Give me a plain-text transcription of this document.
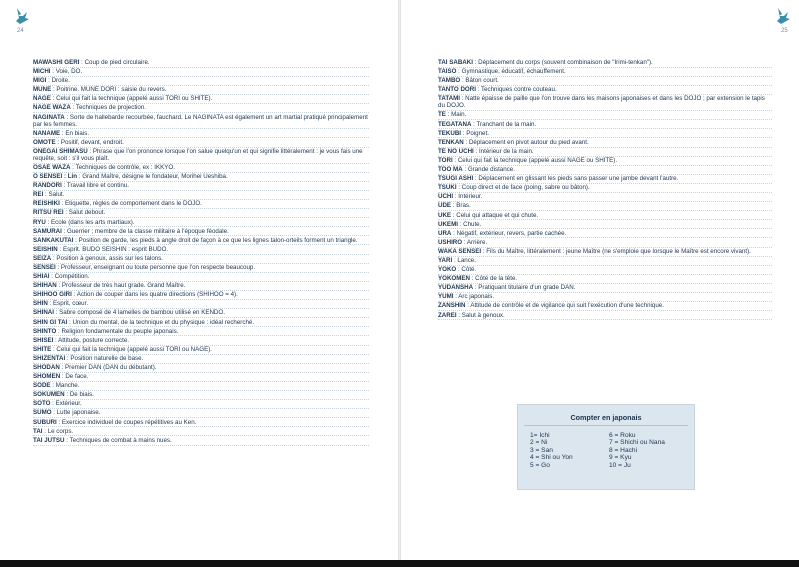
24
MAWASHI GERI : Coup de pied circulaire.
MICHI : Voie, DO.
MIGI : Droite.
MUNE : Poitrine. MUNE DORI : saisie du revers.
NAGE : Celui qui fait la technique (appelé aussi TORI ou SHITE).
NAGE WAZA : Techniques de projection.
NAGINATA : Sorte de hallebarde recourbée, fauchard. Le NAGINATA est également un art martial pratiqué principalement par les femmes.
NANAME : En biais.
OMOTE : Positif, devant, endroit.
ONEGAI SHIMASU : Phrase que l'on prononce lorsque l'on salue quelqu'un et qui signifie littéralement : je vous fais une requête, soit : s'il vous plaît.
OSAE WAZA : Techniques de contrôle, ex : IKKYO.
O SENSEI : Lin : Grand Maître, désigne le fondateur, Morihei Ueshiba.
RANDORI : Travail libre et continu.
REI : Salut.
REISHIKI : Etiquette, règles de comportement dans le DOJO.
RITSU REI : Salut debout.
RYU : Ecole (dans les arts martiaux).
SAMURAI : Guerrier ; membre de la classe militaire à l'époque féodale.
SANKAKUTAI : Position de garde, les pieds à angle droit de façon à ce que les lignes talon-orteils forment un triangle.
SEISHIN : Esprit. BUDO SEISHIN : esprit BUDO.
SEIZA : Position à genoux, assis sur les talons.
SENSEI : Professeur, enseignant ou toute personne que l'on respecte beaucoup.
SHIAI : Compétition.
SHIHAN : Professeur de très haut grade. Grand Maître.
SHIHOO GIRI : Action de couper dans les quatre directions (SHIHOO = 4).
SHIN : Esprit, cœur.
SHINAI : Sabre composé de 4 lamelles de bambou utilisé en KENDO.
SHIN GI TAI : Union du mental, de la technique et du physique : idéal recherché.
SHINTO : Religion fondamentale du peuple japonais.
SHISEI : Attitude, posture correcte.
SHITE : Celui qui fait la technique (appelé aussi TORI ou NAGE).
SHIZENTAI : Position naturelle de base.
SHODAN : Premier DAN (DAN du débutant).
SHOMEN : De face.
SODE : Manche.
SOKUMEN : De biais.
SOTO : Extérieur.
SUMO : Lutte japonaise.
SUBURI : Exercice individuel de coupes répétitives au Ken.
TAI : Le corps.
TAI JUTSU : Techniques de combat à mains nues.
TAI SABAKI : Déplacement du corps (souvent combinaison de "Irimi-tenkan").
TAISO : Gymnastique, éducatif, échauffement.
TAMBO : Bâton court.
TANTO DORI : Techniques contre couteau.
TATAMI : Natte épaisse de paille que l'on trouve dans les maisons japonaises et dans les DOJO ; par extension le tapis du DOJO.
TE : Main.
TEGATANA : Tranchant de la main.
TEKUBI : Poignet.
TENKAN : Déplacement en pivot autour du pied avant.
TE NO UCHI : Intérieur de la main.
TORI : Celui qui fait la technique (appelé aussi NAGE ou SHITE).
TOO MA : Grande distance.
TSUGI ASHI : Déplacement en glissant les pieds sans passer une jambe devant l'autre.
TSUKI : Coup direct et de face (poing, sabre ou bâton).
UCHI : Intérieur.
UDE : Bras.
UKE : Celui qui attaque et qui chute.
UKEMI : Chute.
URA : Négatif, extérieur, revers, partie cachée.
USHIRO : Arrière.
WAKA SENSEI : Fils du Maître, littéralement : jeune Maître (ne s'emploie que lorsque le Maître est encore vivant).
YARI : Lance.
YOKO : Côté.
YOKOMEN : Côté de la tête.
YUDANSHA : Pratiquant titulaire d'un grade DAN.
YUMI : Arc japonais.
ZANSHIN : Attitude de contrôle et de vigilance qui suit l'exécution d'une technique.
ZAREI : Salut à genoux.
25
Compter en japonais
1= Ichi
2 = Ni
3 = San
4 = Shi ou Yon
5 = Go
6 = Roku
7 = Shichi ou Nana
8 = Hachi
9 = Kyu
10 = Ju
